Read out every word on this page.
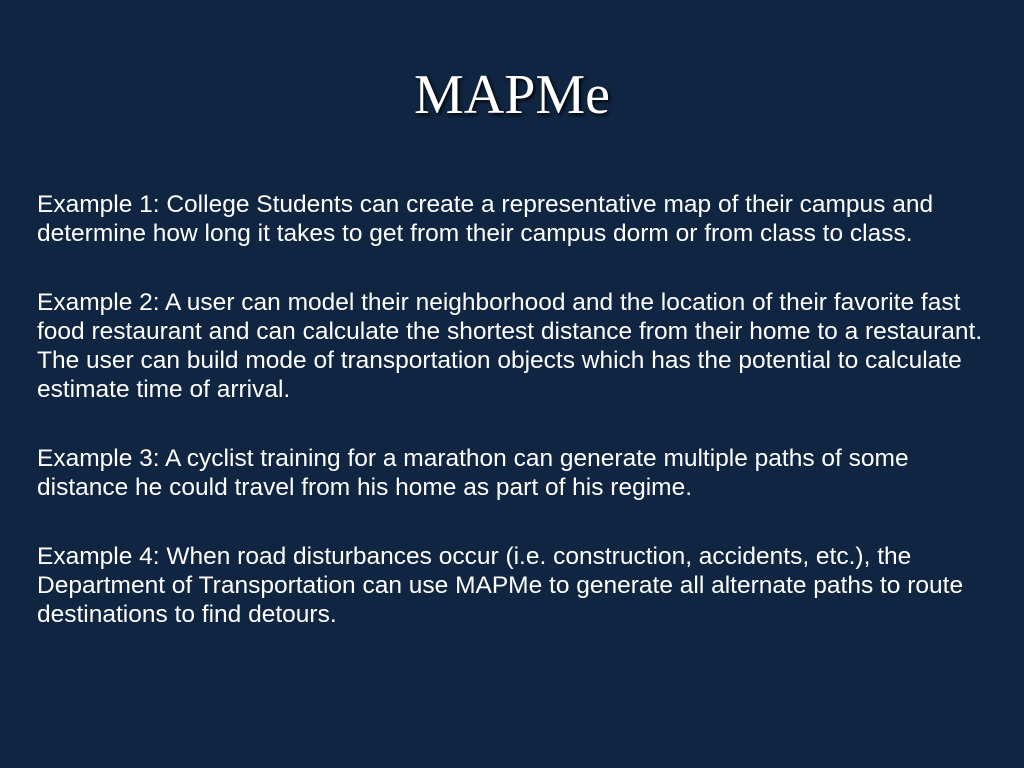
MAPMe

Example 1: College Students can create a representative map of their campus and determine how long it takes to get from their campus dorm or from class to class.

Example 2: A user can model their neighborhood and the location of their favorite fast food restaurant and can calculate the shortest distance from their home to a restaurant. The user can build mode of transportation objects which has the potential to calculate estimate time of arrival.

Example 3: A cyclist training for a marathon can generate multiple paths of some distance he could travel from his home as part of his regime.

Example 4: When road disturbances occur (i.e. construction, accidents, etc.), the Department of Transportation can use MAPMe to generate all alternate paths to route destinations to find detours.
